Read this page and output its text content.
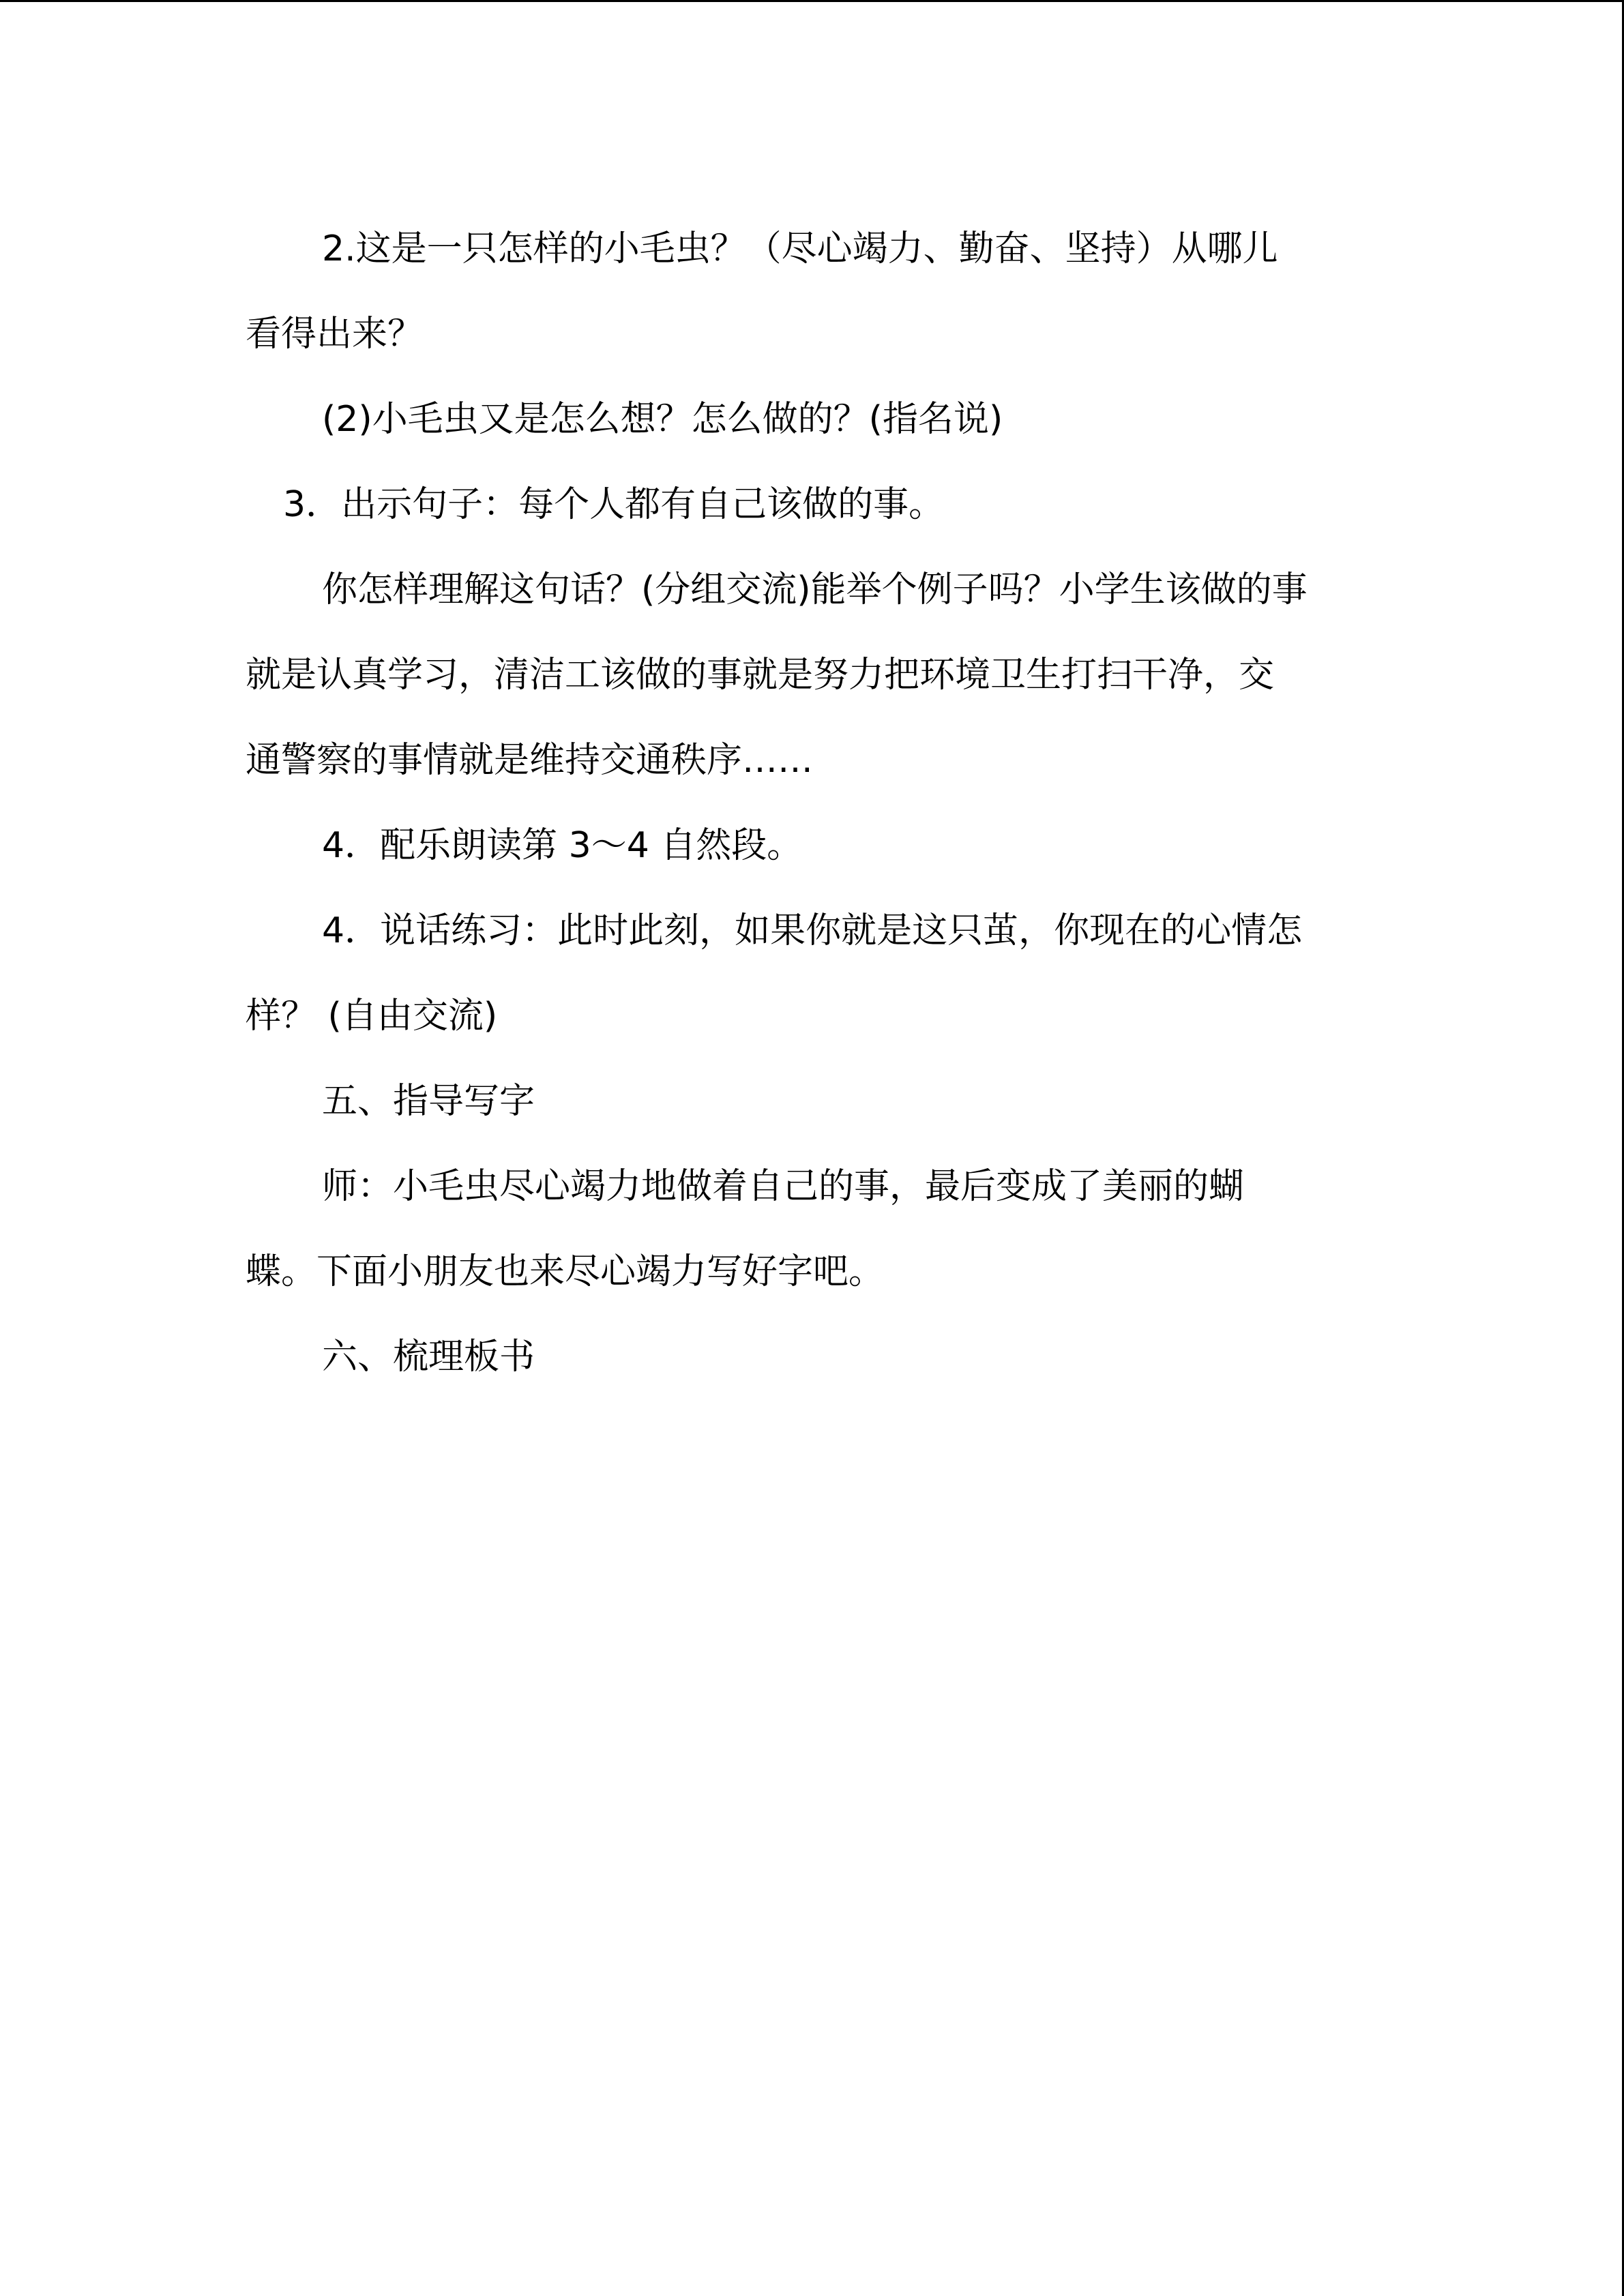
2.这是一只怎样的小毛虫？（尽心竭力、勤奋、坚持）从哪儿
看得出来？
(2)小毛虫又是怎么想？怎么做的？(指名说)
3．出示句子：每个人都有自己该做的事。
你怎样理解这句话？(分组交流)能举个例子吗？小学生该做的事
就是认真学习，清洁工该做的事就是努力把环境卫生打扫干净，交
通警察的事情就是维持交通秩序……
4．配乐朗读第 3～4 自然段。
4．说话练习：此时此刻，如果你就是这只茧，你现在的心情怎
样？ (自由交流)
五、指导写字
师：小毛虫尽心竭力地做着自己的事，最后变成了美丽的蝴
蝶。下面小朋友也来尽心竭力写好字吧。
六、梳理板书
